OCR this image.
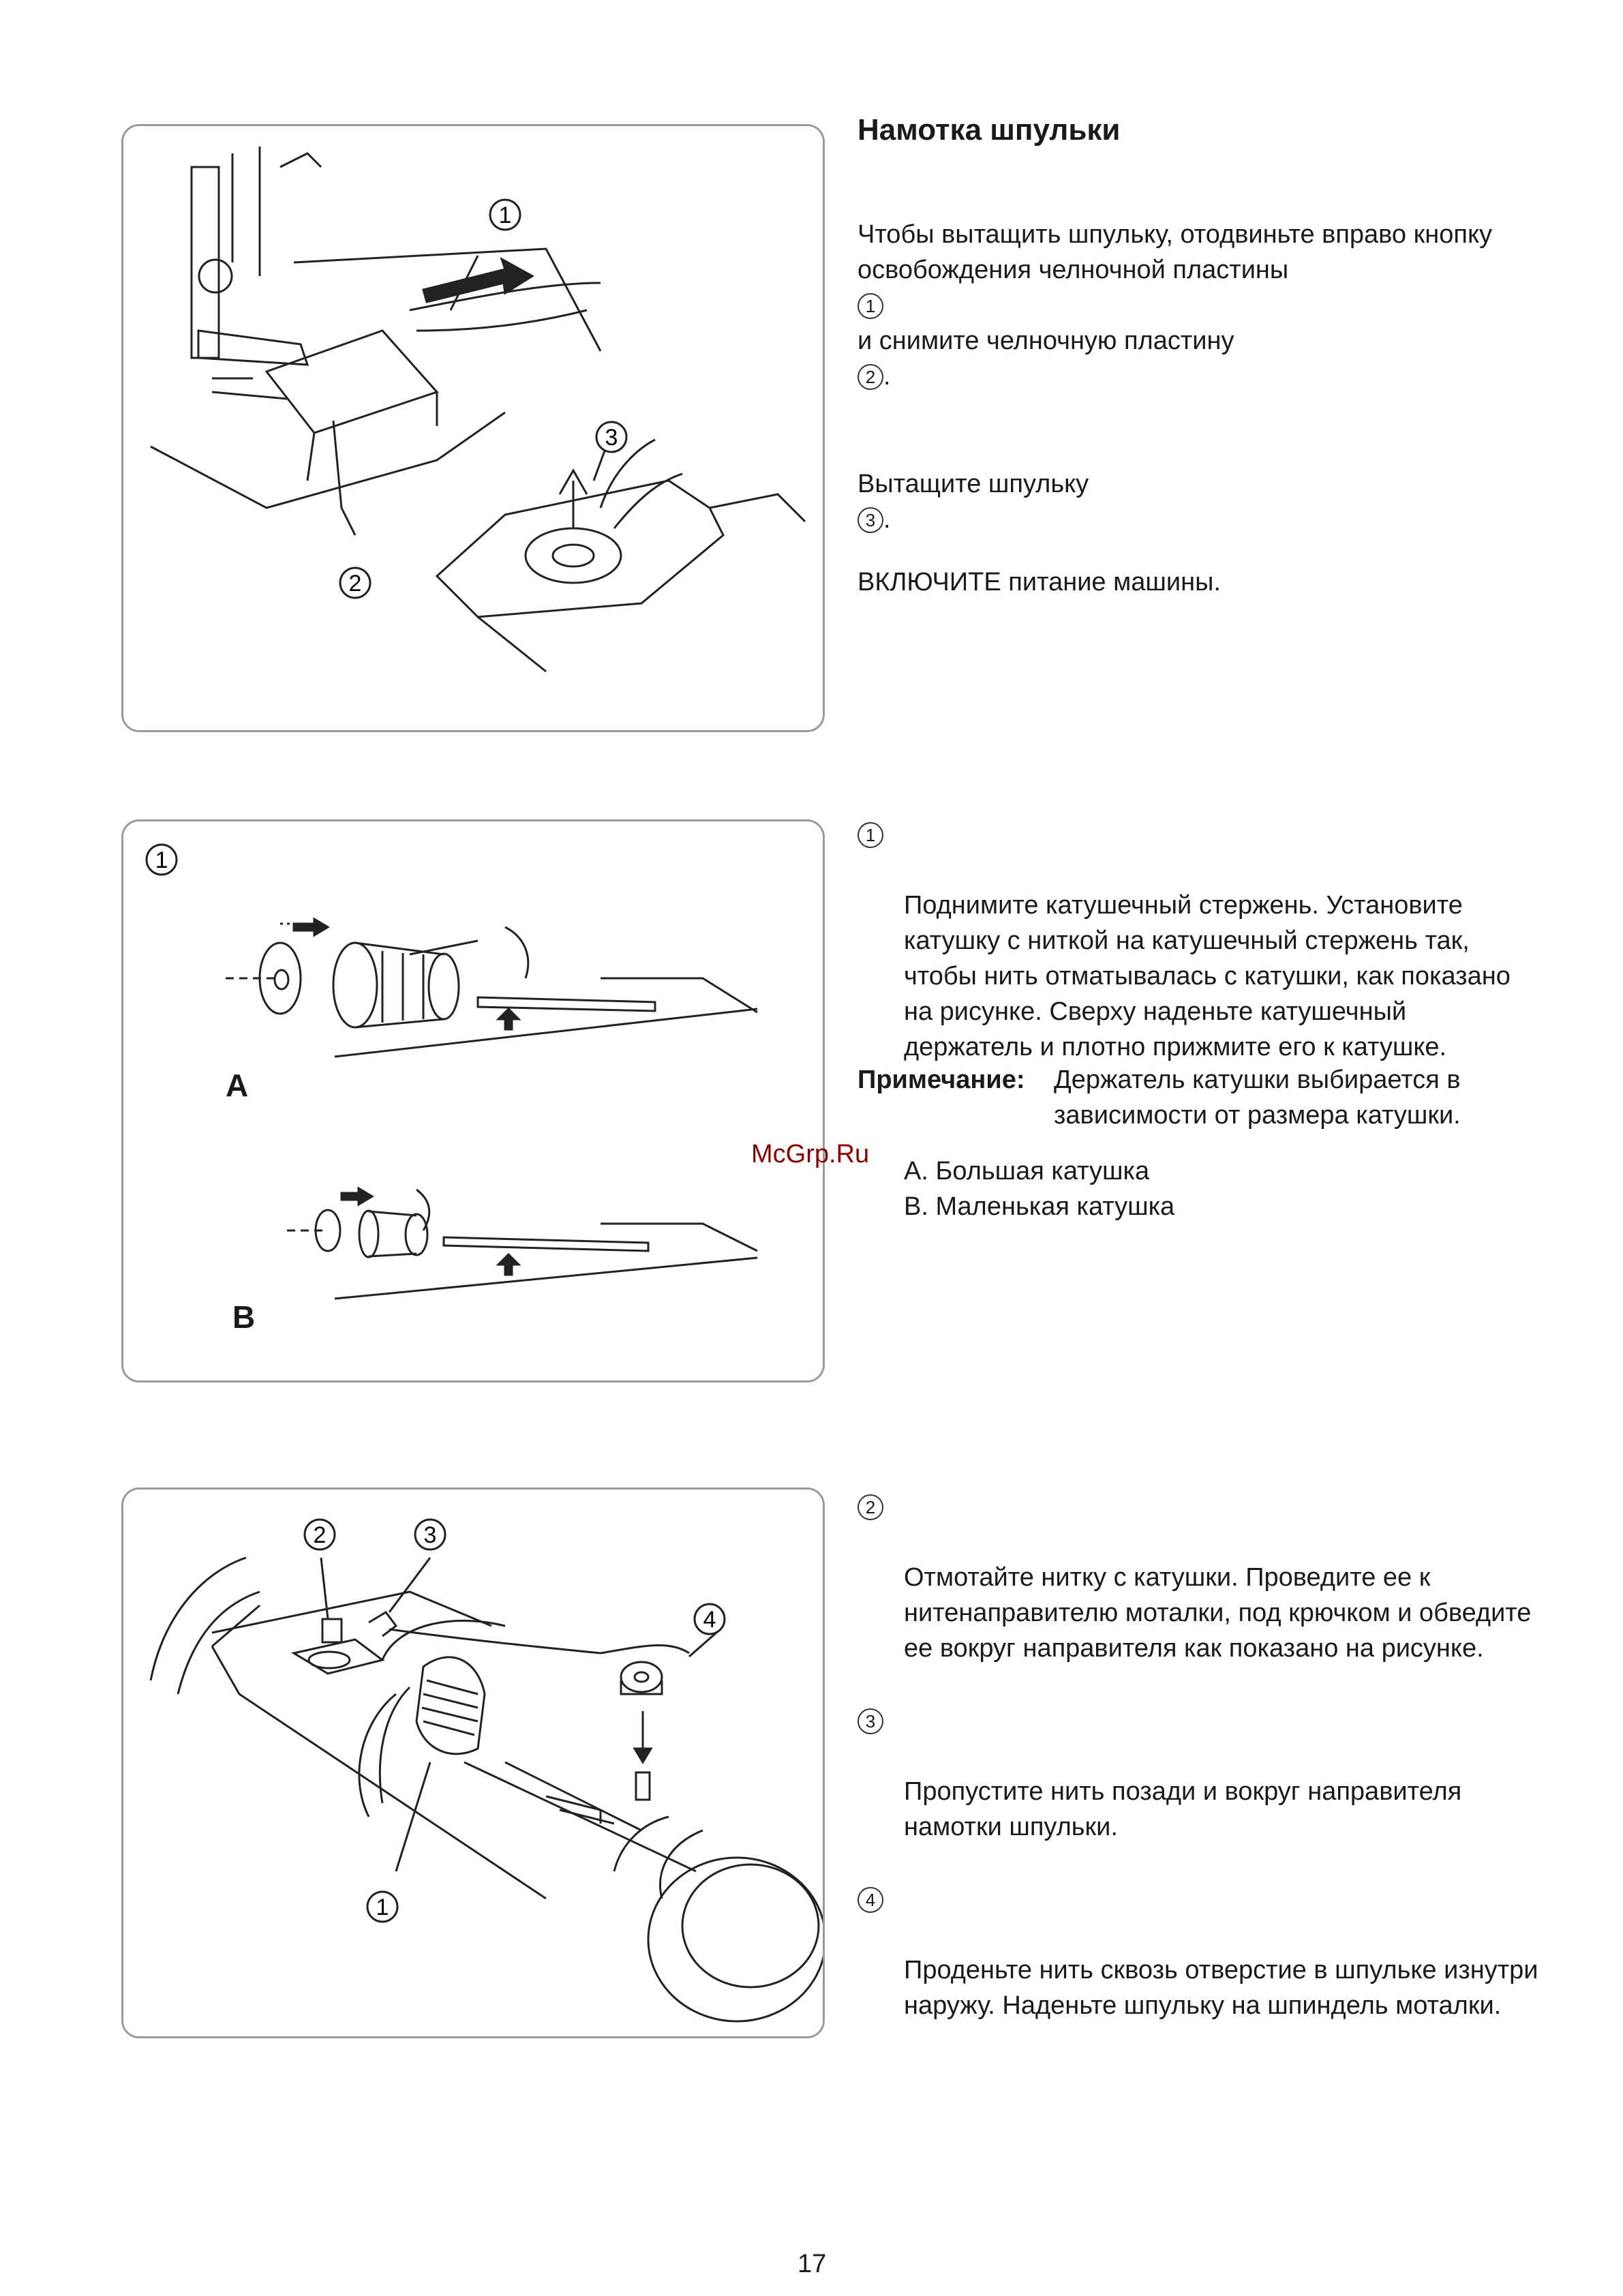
1
2
3
Намотка шпульки

Чтобы вытащить шпульку, отодвиньте вправо кнопку освобождения челночной пластины
1
и снимите челночную пластину
2 .

Вытащите шпульку
3 .

ВКЛЮЧИТЕ питание машины.

1
A
B

1

Поднимите катушечный стержень. Установите катушку с ниткой на катушечный стержень так, чтобы нить отматывалась с катушки, как показано на рисунке. Сверху наденьте катушечный держатель и плотно прижмите его к катушке.

Примечание: Держатель катушки выбирается в зависимости от размера катушки.
A. Большая катушка
B. Маленькая катушка
McGrp.Ru
2	3
4
1

2

Отмотайте нитку с катушки. Проведите ее к нитенаправителю моталки, под крючком и обведите ее вокруг направителя как показано на рисунке.

3

Пропустите нить позади и вокруг направителя намотки шпульки.

4

Проденьте нить сквозь отверстие в шпульке изнутри наружу. Наденьте шпульку на шпиндель моталки.

17
